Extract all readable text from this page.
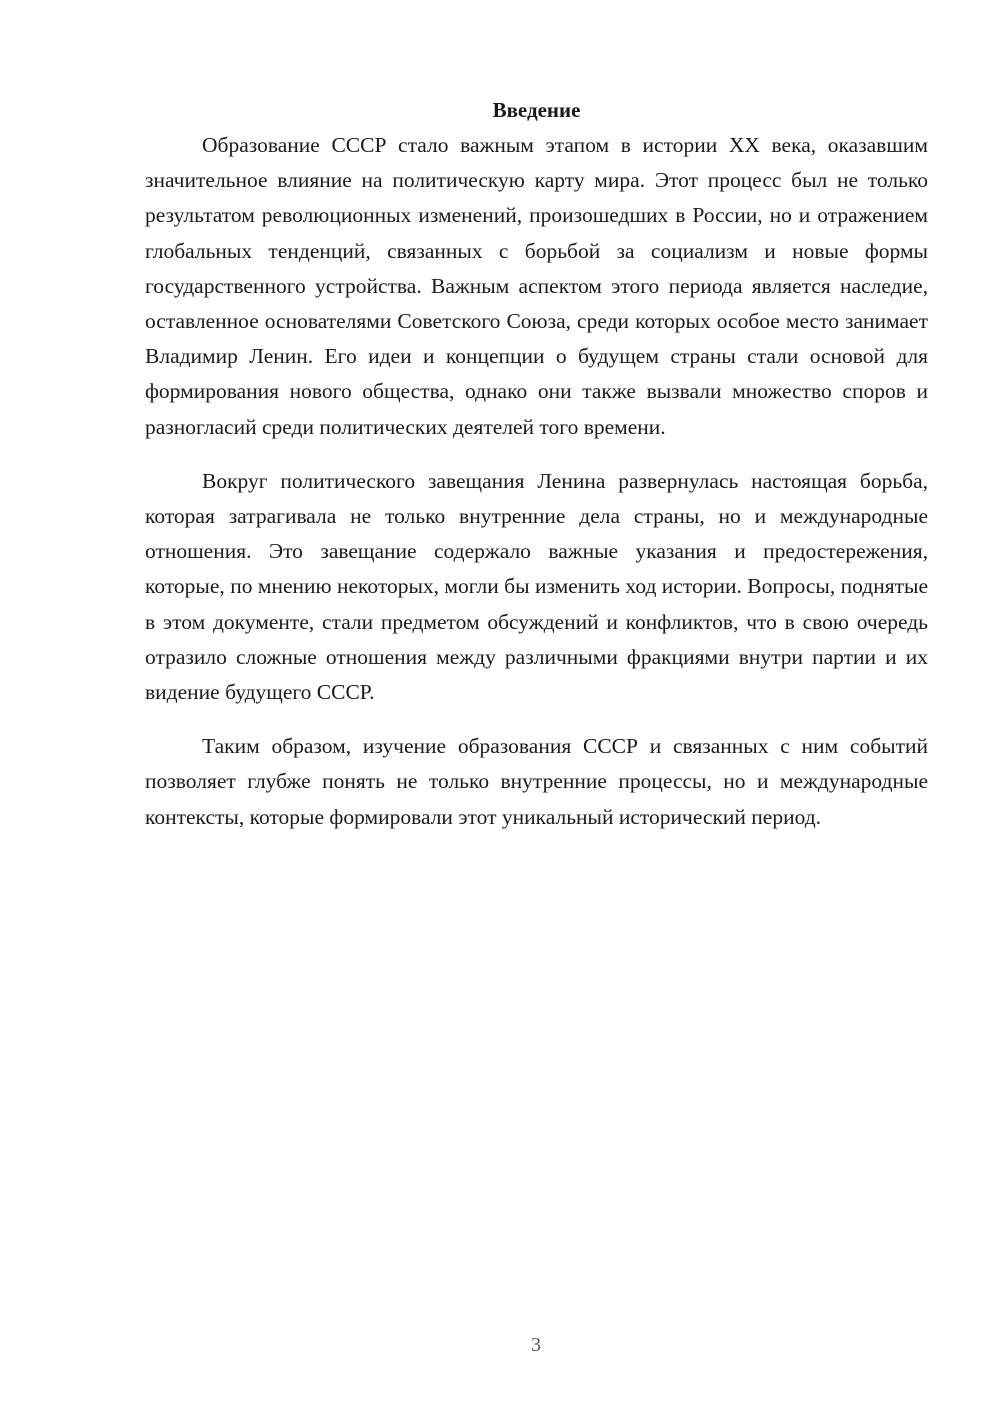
Введение

Образование СССР стало важным этапом в истории XX века, оказавшим значительное влияние на политическую карту мира. Этот процесс был не только результатом революционных изменений, произошедших в России, но и отражением глобальных тенденций, связанных с борьбой за социализм и новые формы государственного устройства. Важным аспектом этого периода является наследие, оставленное основателями Советского Союза, среди которых особое место занимает Владимир Ленин. Его идеи и концепции о будущем страны стали основой для формирования нового общества, однако они также вызвали множество споров и разногласий среди политических деятелей того времени.

Вокруг политического завещания Ленина развернулась настоящая борьба, которая затрагивала не только внутренние дела страны, но и международные отношения. Это завещание содержало важные указания и предостережения, которые, по мнению некоторых, могли бы изменить ход истории. Вопросы, поднятые в этом документе, стали предметом обсуждений и конфликтов, что в свою очередь отразило сложные отношения между различными фракциями внутри партии и их видение будущего СССР.

Таким образом, изучение образования СССР и связанных с ним событий позволяет глубже понять не только внутренние процессы, но и международные контексты, которые формировали этот уникальный исторический период.

3
